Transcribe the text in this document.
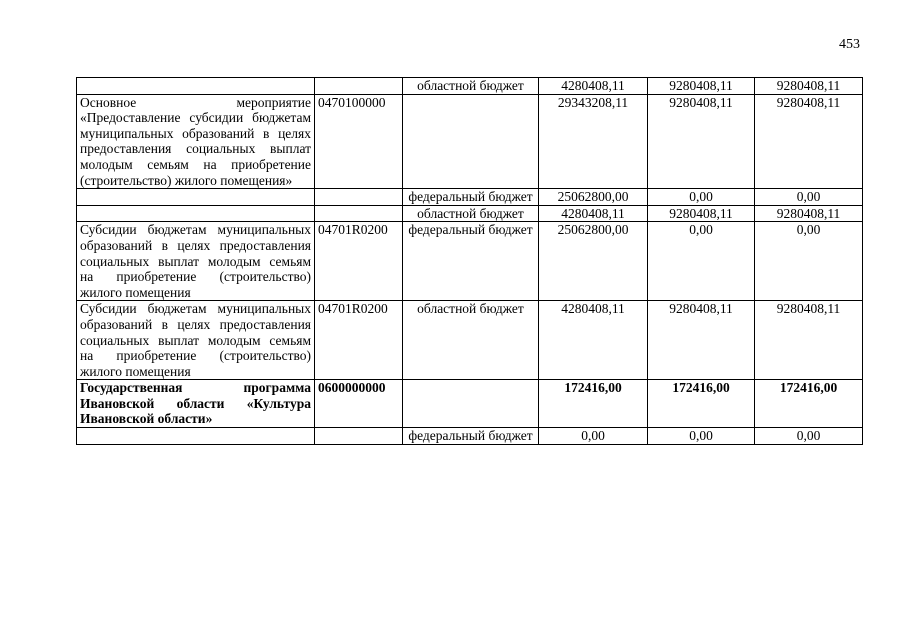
453
		областной бюджет	4280408,11	9280408,11	9280408,11
Основное мероприятие «Предоставление субсидии бюджетам муниципальных образований в целях предоставления социальных выплат молодым семьям на приобретение (строительство) жилого помещения»	0470100000		29343208,11	9280408,11	9280408,11
		федеральный бюджет	25062800,00	0,00	0,00
		областной бюджет	4280408,11	9280408,11	9280408,11
Субсидии бюджетам муниципальных образований в целях предоставления социальных выплат молодым семьям на приобретение (строительство) жилого помещения	04701R0200	федеральный бюджет	25062800,00	0,00	0,00
Субсидии бюджетам муниципальных образований в целях предоставления социальных выплат молодым семьям на приобретение (строительство) жилого помещения	04701R0200	областной бюджет	4280408,11	9280408,11	9280408,11
Государственная программа Ивановской области «Культура Ивановской области»	0600000000		172416,00	172416,00	172416,00
		федеральный бюджет	0,00	0,00	0,00
